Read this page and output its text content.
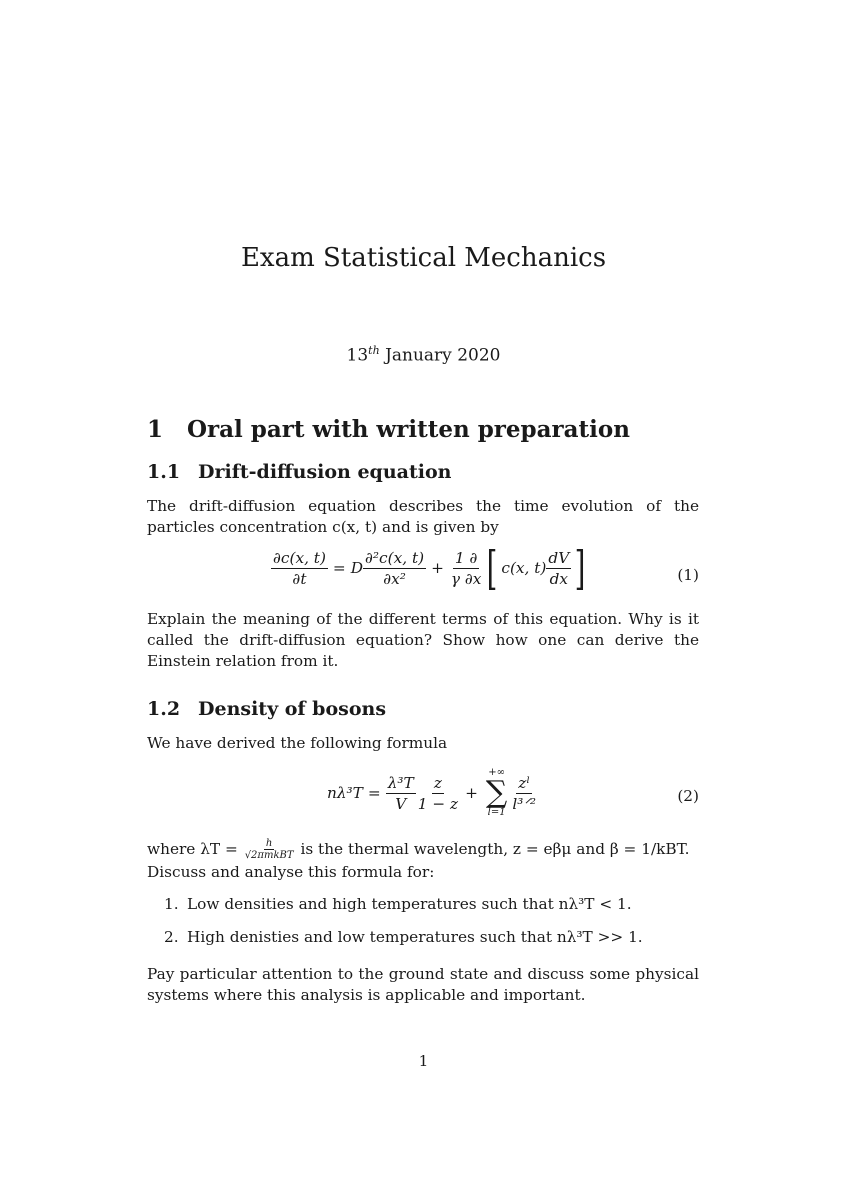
Exam Statistical Mechanics
13th January 2020
1 Oral part with written preparation
1.1 Drift-diffusion equation

The drift-diffusion equation describes the time evolution of the particles concentration c(x, t) and is given by

$\frac{\partial c(x, t)}{\partial t} = D \frac{\text{∂²c(x, t)}}{\text{∂x²}} + \frac{1 \partial}{\gamma \partial x}$ [ c(x, $t) \frac{dV}{dx}$ ]	(1)

Explain the meaning of the different terms of this equation. Why is it called the drift-diffusion equation? Show how one can derive the Einstein relation from it.

1.2 Density of bosons

We have derived the following formula

$n\lambda^3T = \frac{\text{λ³T}}{V} \frac{z}{1 - z}$ +
+∞
∑
$l=1 \frac{\text{zˡ}}{\text{l³ᐟ²}}$	(2)

where $\lambda T = \frac{h}{\text{√2πmkBT}}$ is the thermal wavelength, z = eβμ and β = 1/kBT.
Discuss and analyse this formula for:

1. Low densities and high temperatures such that nλ³T < 1.
2. High denisties and low temperatures such that nλ³T >> 1.

Pay particular attention to the ground state and discuss some physical systems where this analysis is applicable and important.

1
